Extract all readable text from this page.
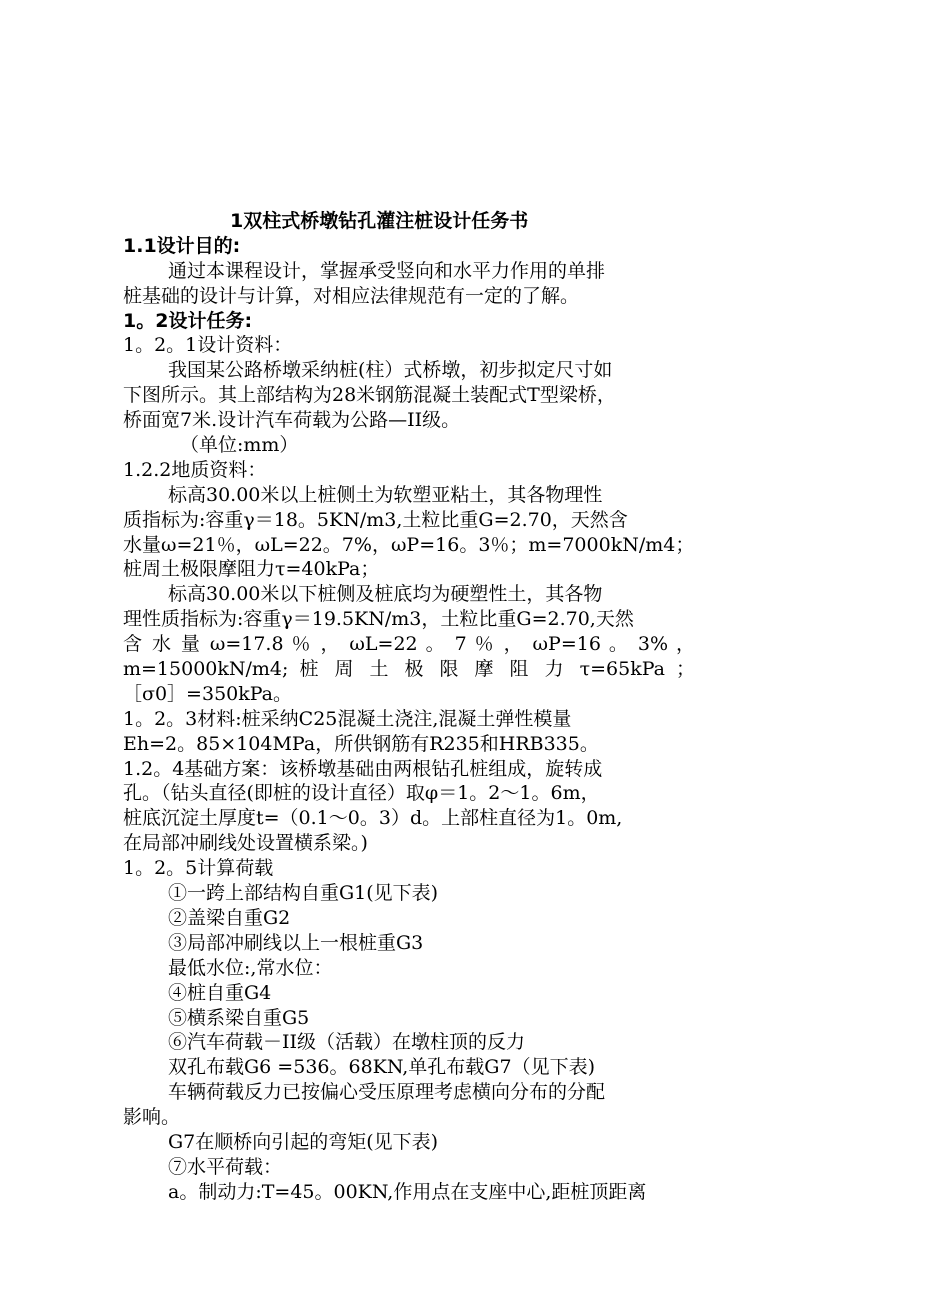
1双柱式桥墩钻孔灌注桩设计任务书
1.1设计目的:
通过本课程设计，掌握承受竖向和水平力作用的单排
桩基础的设计与计算，对相应法律规范有一定的了解。
1。2设计任务:
1。2。1设计资料：
我国某公路桥墩采纳桩(柱）式桥墩，初步拟定尺寸如
下图所示。其上部结构为28米钢筋混凝土装配式T型梁桥，
桥面宽7米.设计汽车荷载为公路—II级。
（单位:mm）
1.2.2地质资料：
标高30.00米以上桩侧土为软塑亚粘土，其各物理性
质指标为:容重γ＝18。5KN/m3,土粒比重G=2.70，天然含
水量ω=21％，ωL=22。7%，ωP=16。3％；m=7000kN/m4；
桩周土极限摩阻力τ=40kPa；
标高30.00米以下桩侧及桩底均为硬塑性土，其各物
理性质指标为:容重γ＝19.5KN/m3，土粒比重G=2.70,天然
含 水 量 ω=17.8 ％ ， ωL=22 。 7 ％ ， ωP=16 。 3% ，
m=15000kN/m4; 桩 周 土 极 限 摩 阻 力 τ=65kPa ；
［σ0］=350kPa。
1。2。3材料:桩采纳C25混凝土浇注,混凝土弹性模量
Eh=2。85×104MPa，所供钢筋有R235和HRB335。
1.2。4基础方案：该桥墩基础由两根钻孔桩组成，旋转成
孔。（钻头直径(即桩的设计直径）取φ＝1。2～1。6m，
桩底沉淀土厚度t=（0.1～0。3）d。上部柱直径为1。0m,
在局部冲刷线处设置横系梁。)
1。2。5计算荷载
①一跨上部结构自重G1(见下表)
②盖梁自重G2
③局部冲刷线以上一根桩重G3
最低水位:,常水位：
④桩自重G4
⑤横系梁自重G5
⑥汽车荷载－II级（活载）在墩柱顶的反力
双孔布载G6 =536。68KN,单孔布载G7（见下表)
车辆荷载反力已按偏心受压原理考虑横向分布的分配
影响。
G7在顺桥向引起的弯矩(见下表)
⑦水平荷载：
a。制动力:T=45。00KN,作用点在支座中心,距桩顶距离
